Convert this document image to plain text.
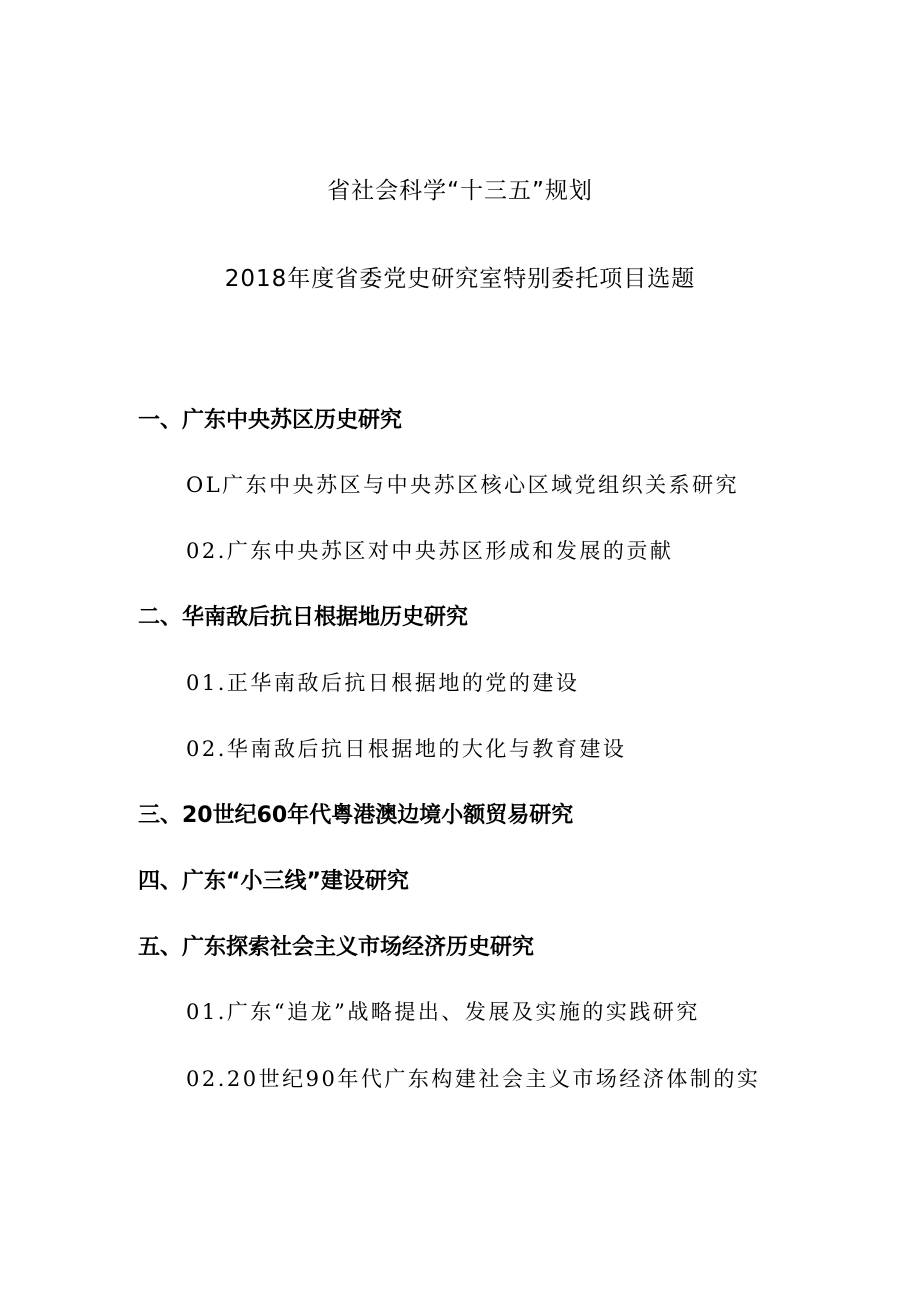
省社会科学“十三五”规划
2018年度省委党史研究室特别委托项目选题
一、广东中央苏区历史研究
OL广东中央苏区与中央苏区核心区域党组织关系研究
02.广东中央苏区对中央苏区形成和发展的贡献
二、华南敌后抗日根据地历史研究
01.正华南敌后抗日根据地的党的建设
02.华南敌后抗日根据地的大化与教育建设
三、20世纪60年代粤港澳边境小额贸易研究
四、广东“小三线”建设研究
五、广东探索社会主义市场经济历史研究
01.广东“追龙”战略提出、发展及实施的实践研究
02.20世纪90年代广东构建社会主义市场经济体制的实
